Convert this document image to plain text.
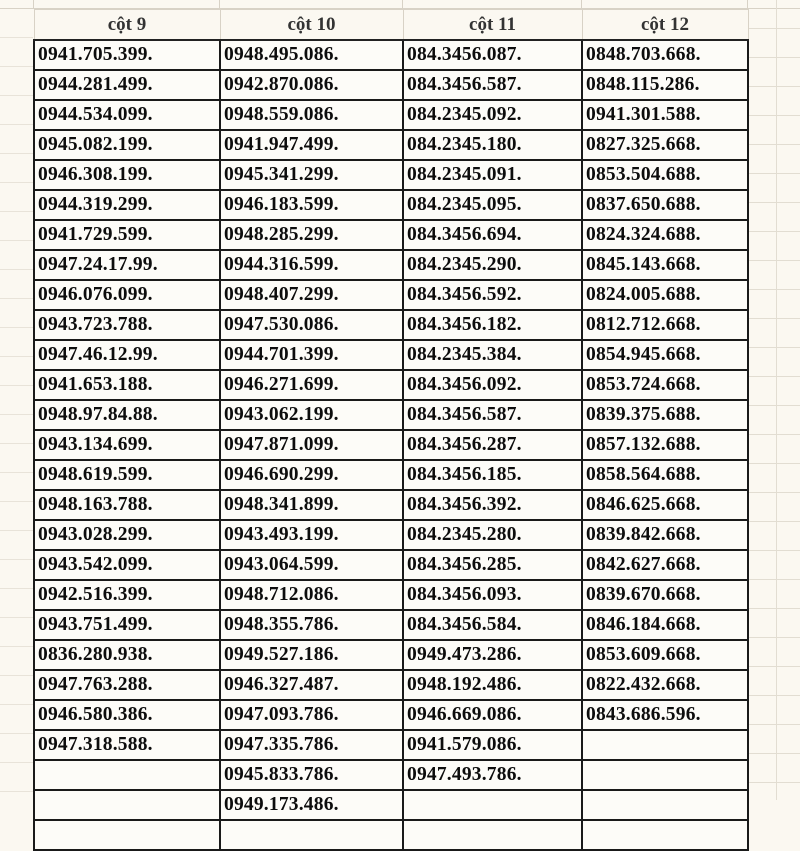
cột 9	cột 10	cột 11	cột 12
0941.705.399.	0948.495.086.	084.3456.087.	0848.703.668.
0944.281.499.	0942.870.086.	084.3456.587.	0848.115.286.
0944.534.099.	0948.559.086.	084.2345.092.	0941.301.588.
0945.082.199.	0941.947.499.	084.2345.180.	0827.325.668.
0946.308.199.	0945.341.299.	084.2345.091.	0853.504.688.
0944.319.299.	0946.183.599.	084.2345.095.	0837.650.688.
0941.729.599.	0948.285.299.	084.3456.694.	0824.324.688.
0947.24.17.99.	0944.316.599.	084.2345.290.	0845.143.668.
0946.076.099.	0948.407.299.	084.3456.592.	0824.005.688.
0943.723.788.	0947.530.086.	084.3456.182.	0812.712.668.
0947.46.12.99.	0944.701.399.	084.2345.384.	0854.945.668.
0941.653.188.	0946.271.699.	084.3456.092.	0853.724.668.
0948.97.84.88.	0943.062.199.	084.3456.587.	0839.375.688.
0943.134.699.	0947.871.099.	084.3456.287.	0857.132.688.
0948.619.599.	0946.690.299.	084.3456.185.	0858.564.688.
0948.163.788.	0948.341.899.	084.3456.392.	0846.625.668.
0943.028.299.	0943.493.199.	084.2345.280.	0839.842.668.
0943.542.099.	0943.064.599.	084.3456.285.	0842.627.668.
0942.516.399.	0948.712.086.	084.3456.093.	0839.670.668.
0943.751.499.	0948.355.786.	084.3456.584.	0846.184.668.
0836.280.938.	0949.527.186.	0949.473.286.	0853.609.668.
0947.763.288.	0946.327.487.	0948.192.486.	0822.432.668.
0946.580.386.	0947.093.786.	0946.669.086.	0843.686.596.
0947.318.588.	0947.335.786.	0941.579.086.	
	0945.833.786.	0947.493.786.	
	0949.173.486.		
